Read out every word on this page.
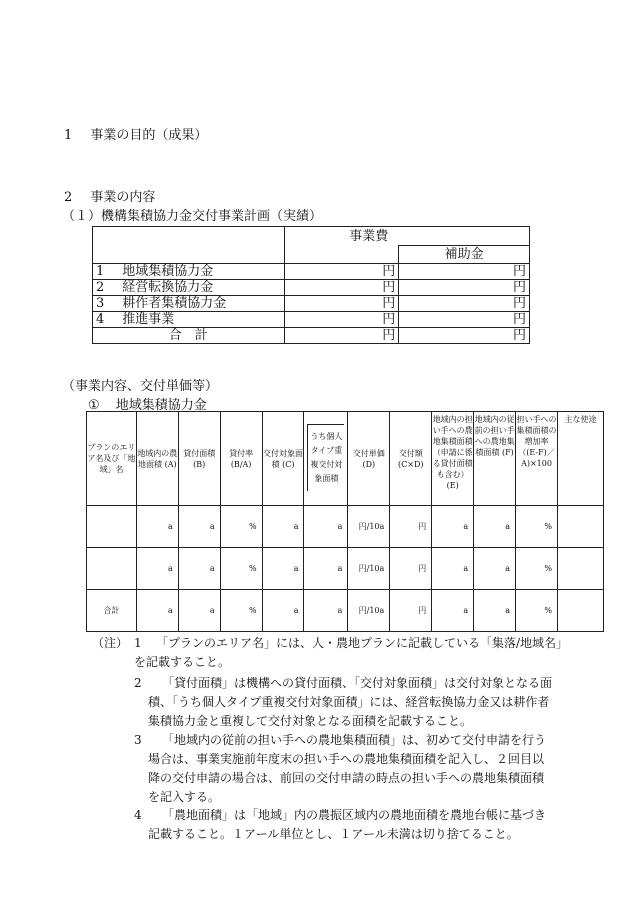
1 事業の目的（成果）
2 事業の内容
（１）機構集積協力金交付事業計画（実績）
	事業費	
		補助金
1 地域集積協力金	円	円
2 経営転換協力金	円	円
3 耕作者集積協力金	円	円
4 推進事業	円	円
合　計	円	円
（事業内容、交付単価等）
① 地域集積協力金
プランのエリア名及び「地域」名	地域内の農地面積 (A)	貸付面積 (B)	貸付率 (B/A)	交付対象面積 (C)	うち個人タイプ重複交付対象面積	交付単価 (D)	交付額 (C×D)	地域内の担い手への農地集積面積（申請に係る貸付面積も含む）(E)	地域内の従前の担い手への農地集積面積 (F)	担い手への集積面積の増加率（(E-F)／A)×100	主な使途
	a	a	%	a	a	円/10a	円	a	a	%	
	a	a	%	a	a	円/10a	円	a	a	%	
合計	a	a	%	a	a	円/10a	円	a	a	%	
（注） 1	「プランのエリア名」には、人・農地プランに記載している「集落/地域名」を記載すること。
2	「貸付面積」は機構への貸付面積、「交付対象面積」は交付対象となる面積、「うち個人タイプ重複交付対象面積」には、経営転換協力金又は耕作者集積協力金と重複して交付対象となる面積を記載すること。
3	「地域内の従前の担い手への農地集積面積」は、初めて交付申請を行う場合は、事業実施前年度末の担い手への農地集積面積を記入し、２回目以降の交付申請の場合は、前回の交付申請の時点の担い手への農地集積面積を記入する。
4	「農地面積」は「地域」内の農振区域内の農地面積を農地台帳に基づき記載すること。１アール単位とし、１アール未満は切り捨てること。
